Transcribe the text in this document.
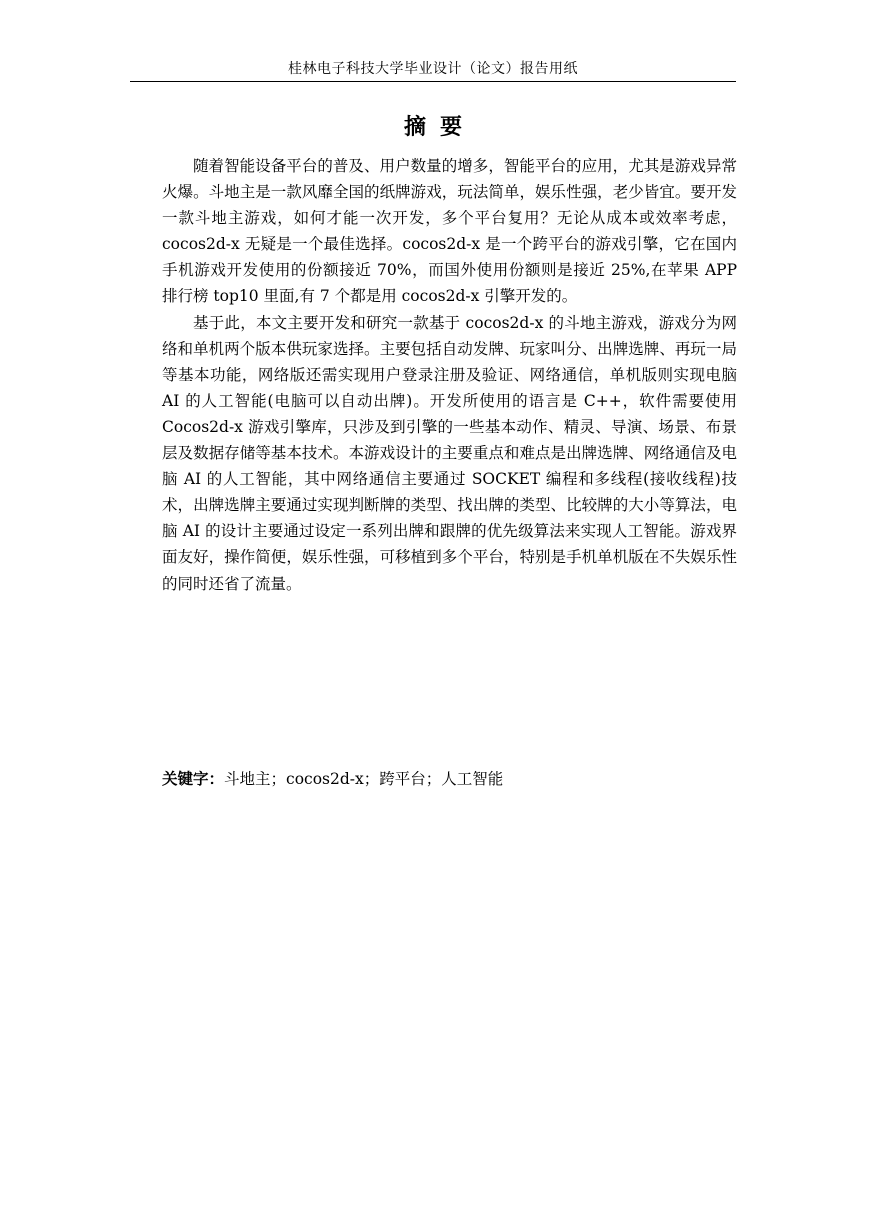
桂林电子科技大学毕业设计（论文）报告用纸
摘要

随着智能设备平台的普及、用户数量的增多，智能平台的应用，尤其是游戏异常火爆。斗地主是一款风靡全国的纸牌游戏，玩法简单，娱乐性强，老少皆宜。要开发一款斗地主游戏，如何才能一次开发，多个平台复用？无论从成本或效率考虑，cocos2d-x 无疑是一个最佳选择。cocos2d-x 是一个跨平台的游戏引擎，它在国内手机游戏开发使用的份额接近 70%，而国外使用份额则是接近 25%,在苹果 APP 排行榜 top10 里面,有 7 个都是用 cocos2d-x 引擎开发的。

基于此，本文主要开发和研究一款基于 cocos2d-x 的斗地主游戏，游戏分为网络和单机两个版本供玩家选择。主要包括自动发牌、玩家叫分、出牌选牌、再玩一局等基本功能，网络版还需实现用户登录注册及验证、网络通信，单机版则实现电脑 AI 的人工智能(电脑可以自动出牌)。开发所使用的语言是 C++，软件需要使用 Cocos2d-x 游戏引擎库，只涉及到引擎的一些基本动作、精灵、导演、场景、布景层及数据存储等基本技术。本游戏设计的主要重点和难点是出牌选牌、网络通信及电脑 AI 的人工智能，其中网络通信主要通过 SOCKET 编程和多线程(接收线程)技术，出牌选牌主要通过实现判断牌的类型、找出牌的类型、比较牌的大小等算法，电脑 AI 的设计主要通过设定一系列出牌和跟牌的优先级算法来实现人工智能。游戏界面友好，操作简便，娱乐性强，可移植到多个平台，特别是手机单机版在不失娱乐性的同时还省了流量。

关键字：斗地主；cocos2d-x；跨平台；人工智能
